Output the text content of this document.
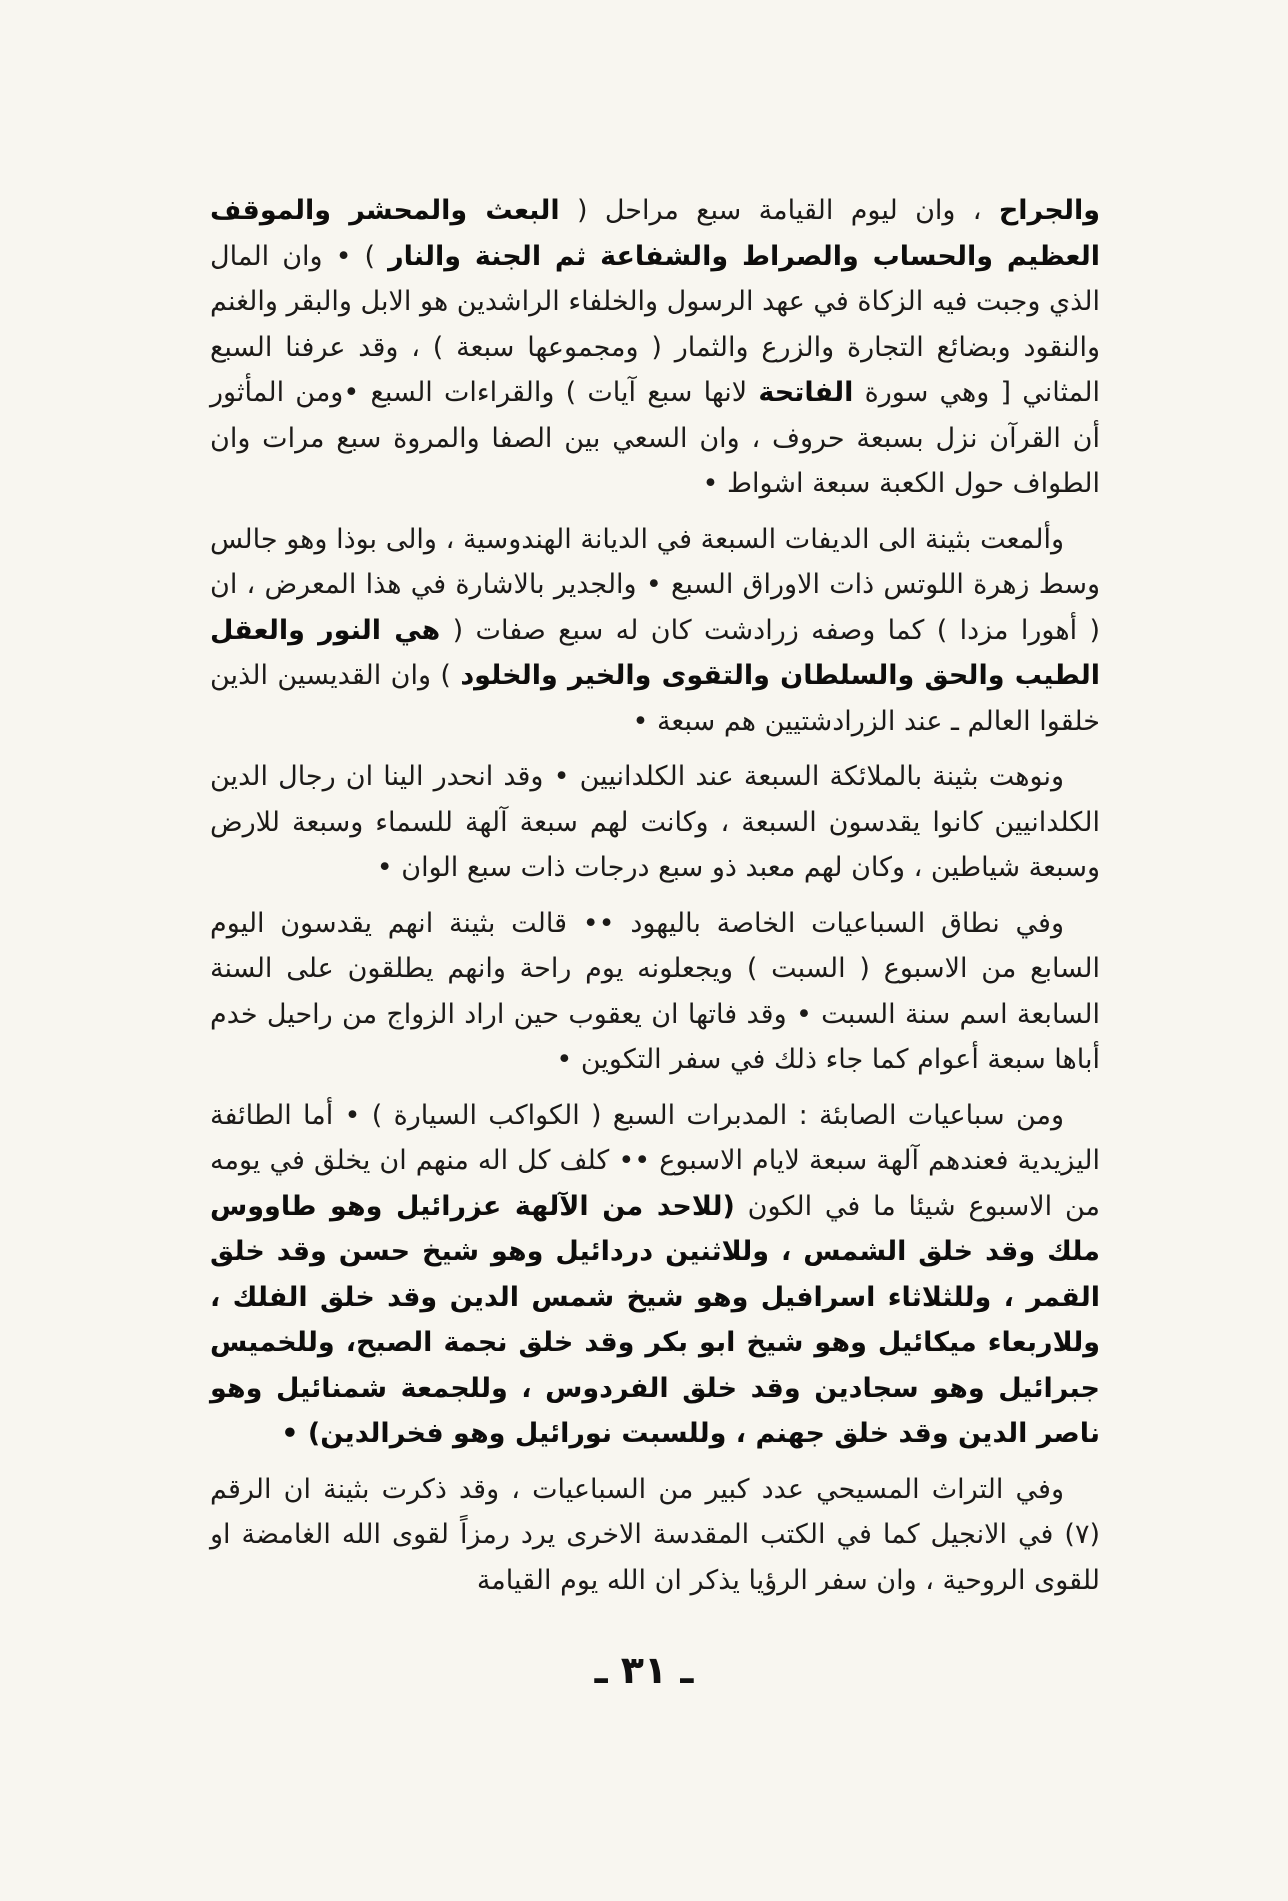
والجراح ، وان ليوم القيامة سبع مراحل ( البعث والمحشر والموقف العظيم والحساب والصراط والشفاعة ثم الجنة والنار ) • وان المال الذي وجبت فيه الزكاة في عهد الرسول والخلفاء الراشدين هو الابل والبقر والغنم والنقود وبضائع التجارة والزرع والثمار ( ومجموعها سبعة ) ، وقد عرفنا السبع المثاني [ وهي سورة الفاتحة لانها سبع آيات ) والقراءات السبع •ومن المأثور أن القرآن نزل بسبعة حروف ، وان السعي بين الصفا والمروة سبع مرات وان الطواف حول الكعبة سبعة اشواط •

وألمعت بثينة الى الديفات السبعة في الديانة الهندوسية ، والى بوذا وهو جالس وسط زهرة اللوتس ذات الاوراق السبع • والجدير بالاشارة في هذا المعرض ، ان ( أهورا مزدا ) كما وصفه زرادشت كان له سبع صفات ( هي النور والعقل الطيب والحق والسلطان والتقوى والخير والخلود ) وان القديسين الذين خلقوا العالم ـ عند الزرادشتيين هم سبعة •

ونوهت بثينة بالملائكة السبعة عند الكلدانيين • وقد انحدر الينا ان رجال الدين الكلدانيين كانوا يقدسون السبعة ، وكانت لهم سبعة آلهة للسماء وسبعة للارض وسبعة شياطين ، وكان لهم معبد ذو سبع درجات ذات سبع الوان •

وفي نطاق السباعيات الخاصة باليهود •• قالت بثينة انهم يقدسون اليوم السابع من الاسبوع ( السبت ) ويجعلونه يوم راحة وانهم يطلقون على السنة السابعة اسم سنة السبت • وقد فاتها ان يعقوب حين اراد الزواج من راحيل خدم أباها سبعة أعوام كما جاء ذلك في سفر التكوين •

ومن سباعيات الصابئة : المدبرات السبع ( الكواكب السيارة ) • أما الطائفة اليزيدية فعندهم آلهة سبعة لايام الاسبوع •• كلف كل اله منهم ان يخلق في يومه من الاسبوع شيئا ما في الكون (للاحد من الآلهة عزرائيل وهو طاووس ملك وقد خلق الشمس ، وللاثنين دردائيل وهو شيخ حسن وقد خلق القمر ، وللثلاثاء اسرافيل وهو شيخ شمس الدين وقد خلق الفلك ، وللاربعاء ميكائيل وهو شيخ ابو بكر وقد خلق نجمة الصبح، وللخميس جبرائيل وهو سجادين وقد خلق الفردوس ، وللجمعة شمنائيل وهو ناصر الدين وقد خلق جهنم ، وللسبت نورائيل وهو فخرالدين) •

وفي التراث المسيحي عدد كبير من السباعيات ، وقد ذكرت بثينة ان الرقم (٧) في الانجيل كما في الكتب المقدسة الاخرى يرد رمزاً لقوى الله الغامضة او للقوى الروحية ، وان سفر الرؤيا يذكر ان الله يوم القيامة

ـ ٣١ ـ
